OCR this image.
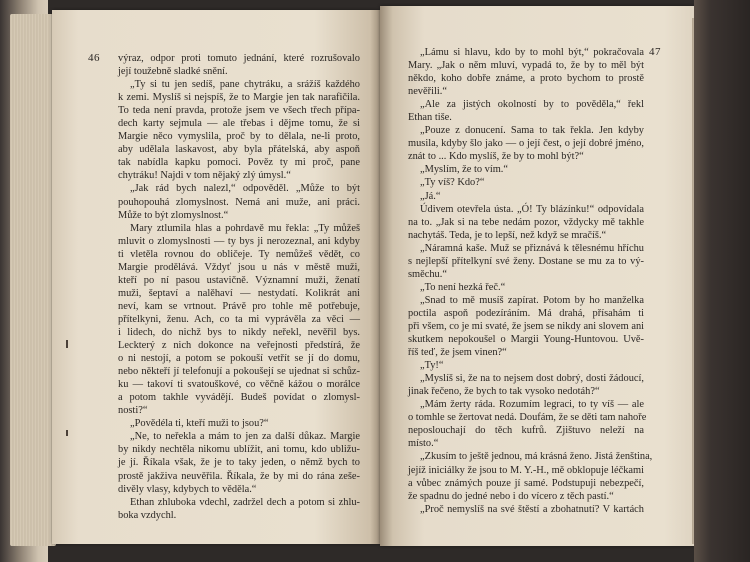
46	47
výraz, odpor proti tomuto jednání, které rozrušovalo
její toužebně sladké snění.
„Ty si tu jen sedíš, pane chytráku, a srážíš každého
k zemi. Myslíš si nejspíš, že to Margie jen tak narafičila.
To teda není pravda, protože jsem ve všech třech přípa-
dech karty sejmula — ale třebas i dějme tomu, že si
Margie něco vymyslila, proč by to dělala, ne-li proto,
aby udělala laskavost, aby byla přátelská, aby aspoň
tak nabídla kapku pomoci. Pověz ty mi proč, pane
chytráku! Najdi v tom nějaký zlý úmysl.“
„Jak rád bych nalezl,“ odpověděl. „Může to být
pouhopouhá zlomyslnost. Nemá ani muže, ani práci.
Může to být zlomyslnost.“
Mary ztlumila hlas a pohrdavě mu řekla: „Ty můžeš
mluvit o zlomyslnosti — ty bys ji nerozeznal, ani kdyby
ti vletěla rovnou do obličeje. Ty nemůžeš vědět, co
Margie prodělává. Vždyť jsou u nás v městě muži,
kteří po ní pasou ustavičně. Významní muži, ženatí
muži, šeptaví a nalěhaví — nestydatí. Kolikrát ani
neví, kam se vrtnout. Právě pro tohle mě potřebuje,
přítelkyni, ženu. Ach, co ta mi vyprávěla za věci —
i lidech, do nichž bys to nikdy neřekl, nevěřil bys.
Leckterý z nich dokonce na veřejnosti předstírá, že
o ni nestojí, a potom se pokouší vetřít se jí do domu,
nebo někteří jí telefonují a pokoušejí se ujednat si schůz-
ku — takoví ti svatouškové, co věčně kážou o morálce
a potom takhle vyvádějí. Budeš povídat o zlomysl-
nosti?“
„Povědéla ti, kteří muži to jsou?“
„Ne, to neřekla a mám to jen za další důkaz. Margie
by nikdy nechtěla nikomu ublížit, ani tomu, kdo ubližu-
je jí. Říkala však, že je to taky jeden, o němž bych to
prostě jakživa neuvěřila. Říkala, že by mi do rána zeše-
divěly vlasy, kdybych to věděla.“
Ethan zhluboka vdechl, zadržel dech a potom si zhlu-
boka vzdychl.
„Lámu si hlavu, kdo by to mohl být,“ pokračovala
Mary. „Jak o něm mluví, vypadá to, že by to měl být
někdo, koho dobře známe, a proto bychom to prostě
nevěřili.“
„Ale za jistých okolností by to pověděla,“ řekl
Ethan tiše.
„Pouze z donucení. Sama to tak řekla. Jen kdyby
musila, kdyby šlo jako — o její čest, o její dobré jméno,
znát to ... Kdo myslíš, že by to mohl být?“
„Myslím, že to vím.“
„Ty víš? Kdo?“
„Já.“
Údivem otevřela ústa. „Ó! Ty blázínku!“ odpovídala
na to. „Jak si na tebe nedám pozor, vždycky mě takhle
nachytáš. Teda, je to lepší, než když se mračíš.“
„Náramná kaše. Muž se přiznává k tělesnému hříchu
s nejlepší přítelkyní své ženy. Dostane se mu za to vý-
směchu.“
„To není hezká řeč.“
„Snad to mě musíš zapírat. Potom by ho manželka
poctila aspoň podezíráním. Má drahá, přísahám ti
při všem, co je mi svaté, že jsem se nikdy ani slovem ani
skutkem nepokoušel o Margii Young-Huntovou. Uvě-
říš teď, že jsem vinen?“
„Ty!“
„Myslíš si, že na to nejsem dost dobrý, dosti žádoucí,
jinak řečeno, že bych to tak vysoko nedotáh?“
„Mám žerty ráda. Rozumím legraci, to ty víš — ale
o tomhle se žertovat nedá. Doufám, že se děti tam nahoře
neposlouchají do těch kufrů. Zjištuvo neleží na
místo.“
„Zkusím to ještě jednou, má krásná ženo. Jistá ženština,
jejíž iniciálky že jsou to M. Y.-H., mě obklopuje léčkami
a vůbec známých pouze jí samé. Podstupuji nebezpečí,
že spadnu do jedné nebo i do vícero z těch pastí.“
„Proč nemyslíš na své štěstí a zbohatnutí? V kartách
